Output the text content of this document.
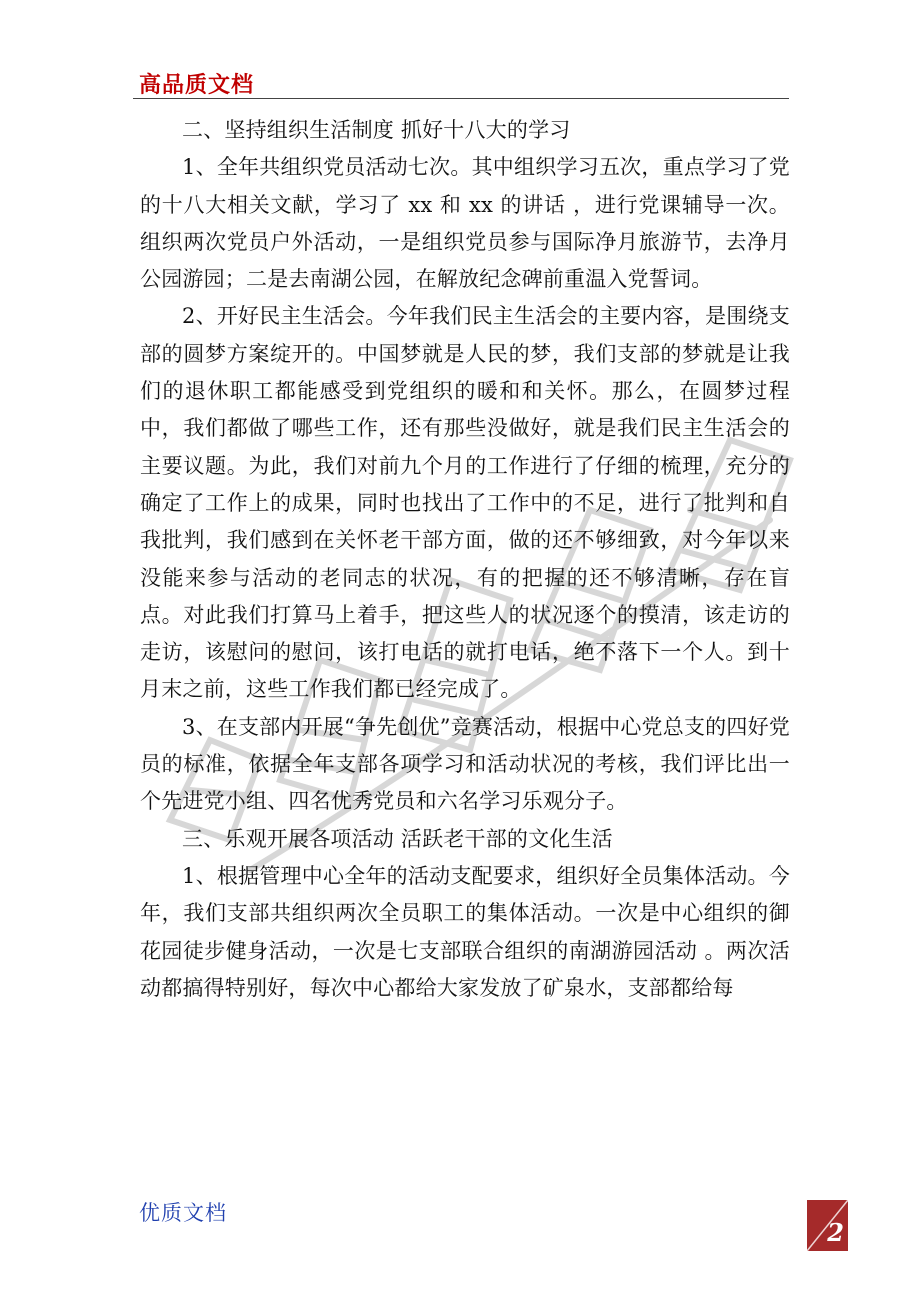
高品质文档

二、坚持组织生活制度 抓好十八大的学习

1、全年共组织党员活动七次。其中组织学习五次，重点学习了党的十八大相关文献，学习了 xx 和 xx 的讲话 ，进行党课辅导一次。组织两次党员户外活动，一是组织党员参与国际净月旅游节，去净月公园游园；二是去南湖公园，在解放纪念碑前重温入党誓词。

2、开好民主生活会。今年我们民主生活会的主要内容，是围绕支部的圆梦方案绽开的。中国梦就是人民的梦，我们支部的梦就是让我们的退休职工都能感受到党组织的暖和和关怀。那么，在圆梦过程中，我们都做了哪些工作，还有那些没做好，就是我们民主生活会的主要议题。为此，我们对前九个月的工作进行了仔细的梳理，充分的确定了工作上的成果，同时也找出了工作中的不足，进行了批判和自我批判，我们感到在关怀老干部方面，做的还不够细致，对今年以来没能来参与活动的老同志的状况，有的把握的还不够清晰，存在盲点。对此我们打算马上着手，把这些人的状况逐个的摸清，该走访的走访，该慰问的慰问，该打电话的就打电话，绝不落下一个人。到十月末之前，这些工作我们都已经完成了。

3、在支部内开展“争先创优”竞赛活动，根据中心党总支的四好党员的标准，依据全年支部各项学习和活动状况的考核，我们评比出一个先进党小组、四名优秀党员和六名学习乐观分子。

三、乐观开展各项活动 活跃老干部的文化生活

1、根据管理中心全年的活动支配要求，组织好全员集体活动。今年，我们支部共组织两次全员职工的集体活动。一次是中心组织的御花园徒步健身活动，一次是七支部联合组织的南湖游园活动 。两次活动都搞得特别好，每次中心都给大家发放了矿泉水，支部都给每

优质文档
2
